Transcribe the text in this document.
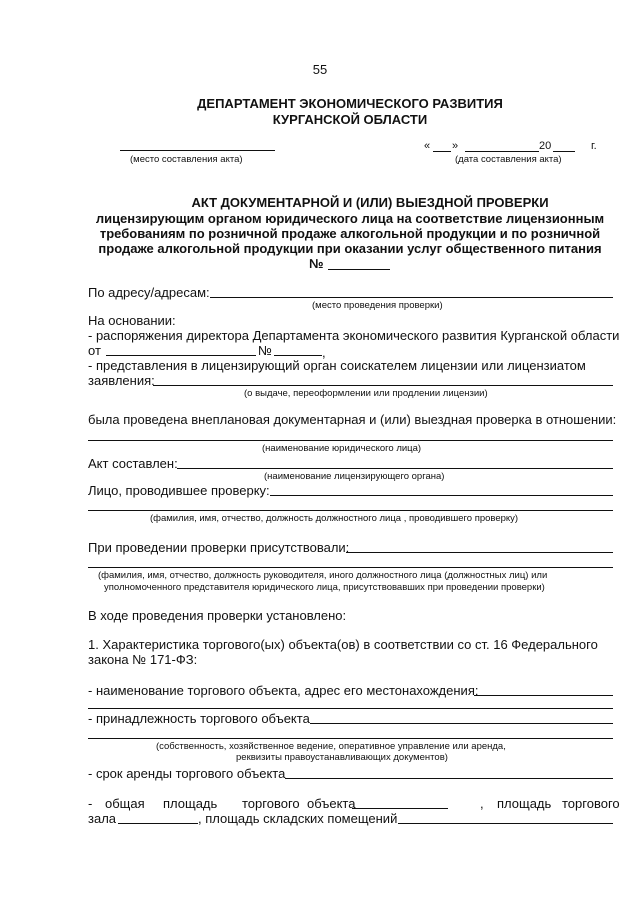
55
ДЕПАРТАМЕНТ ЭКОНОМИЧЕСКОГО РАЗВИТИЯ
КУРГАНСКОЙ ОБЛАСТИ
(место составления акта)
« »	20	г.
(дата составления акта)
АКТ ДОКУМЕНТАРНОЙ И (ИЛИ) ВЫЕЗДНОЙ ПРОВЕРКИ
лицензирующим органом юридического лица на соответствие лицензионным
требованиям по розничной продаже алкогольной продукции и по розничной
продаже алкогольной продукции при оказании услуг общественного питания
№
По адресу/адресам:
(место проведения проверки)
На основании:
- распоряжения директора Департамента экономического развития Курганской области
от	№	,
- представления в лицензирующий орган соискателем лицензии или лицензиатом
заявления:
(о выдаче, переоформлении или продлении лицензии)
была проведена внеплановая документарная и (или) выездная проверка в отношении:
(наименование юридического лица)
Акт составлен:
(наименование лицензирующего органа)
Лицо, проводившее проверку:
(фамилия, имя, отчество, должность должностного лица , проводившего проверку)
При проведении проверки присутствовали:
(фамилия, имя, отчество, должность руководителя, иного должностного лица (должностных лиц) или
уполномоченного представителя юридического лица, присутствовавших при проведении проверки)
В ходе проведения проверки установлено:
1. Характеристика торгового(ых) объекта(ов) в соответствии со ст. 16 Федерального
закона № 171-ФЗ:
- наименование торгового объекта, адрес его местонахождения:
- принадлежность торгового объекта
(собственность, хозяйственное ведение, оперативное управление или аренда,
реквизиты правоустанавливающих документов)
- срок аренды торгового объекта
- общая площадь торгового объекта	, площадь торгового
зала	, площадь складских помещений
